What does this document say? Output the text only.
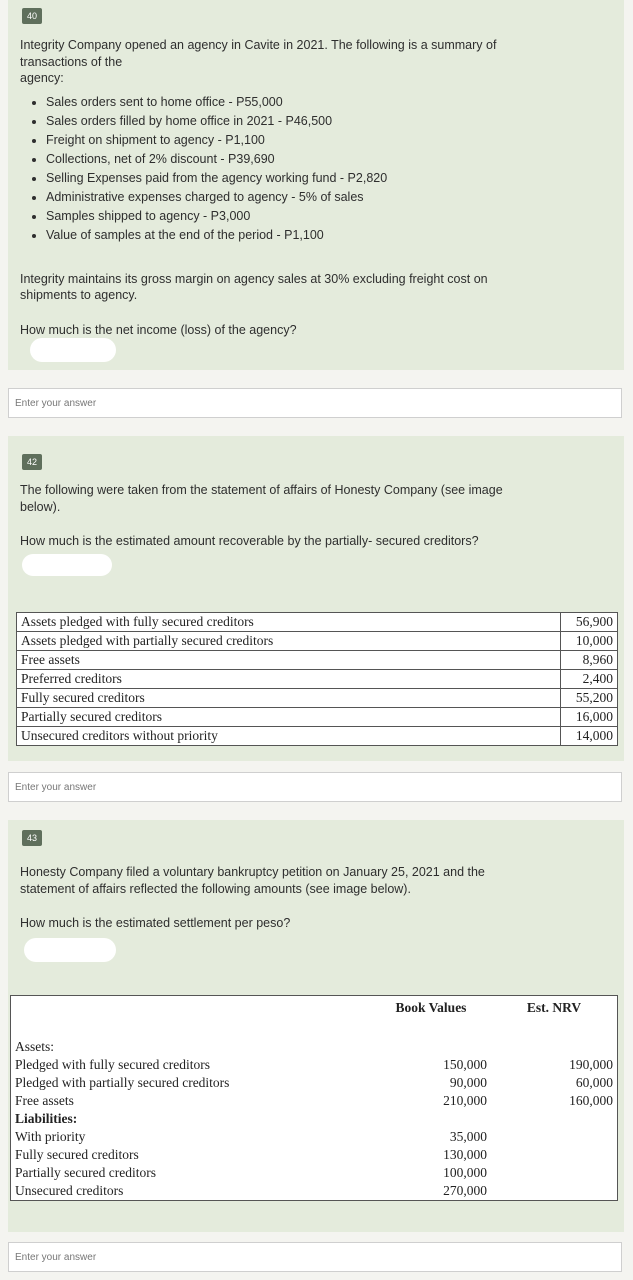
40

Integrity Company opened an agency in Cavite in 2021. The following is a summary of

transactions of the

agency:

• Sales orders sent to home office - P55,000
• Sales orders filled by home office in 2021 - P46,500
• Freight on shipment to agency - P1,100
• Collections, net of 2% discount - P39,690
• Selling Expenses paid from the agency working fund - P2,820
• Administrative expenses charged to agency - 5% of sales
• Samples shipped to agency - P3,000
• Value of samples at the end of the period - P1,100

Integrity maintains its gross margin on agency sales at 30% excluding freight cost on

shipments to agency.

How much is the net income (loss) of the agency?

Enter your answer
42

The following were taken from the statement of affairs of Honesty Company (see image

below).

How much is the estimated amount recoverable by the partially- secured creditors?

Assets pledged with fully secured creditors	56,900
Assets pledged with partially secured creditors	10,000
Free assets	8,960
Preferred creditors	2,400
Fully secured creditors	55,200
Partially secured creditors	16,000
Unsecured creditors without priority	14,000
Enter your answer
43

Honesty Company filed a voluntary bankruptcy petition on January 25, 2021 and the

statement of affairs reflected the following amounts (see image below).

How much is the estimated settlement per peso?

	Book Values	Est. NRV

Assets:		
Pledged with fully secured creditors	150,000	190,000
Pledged with partially secured creditors	90,000	60,000
Free assets	210,000	160,000
Liabilities:		
With priority	35,000	
Fully secured creditors	130,000	
Partially secured creditors	100,000	
Unsecured creditors	270,000	
Enter your answer
